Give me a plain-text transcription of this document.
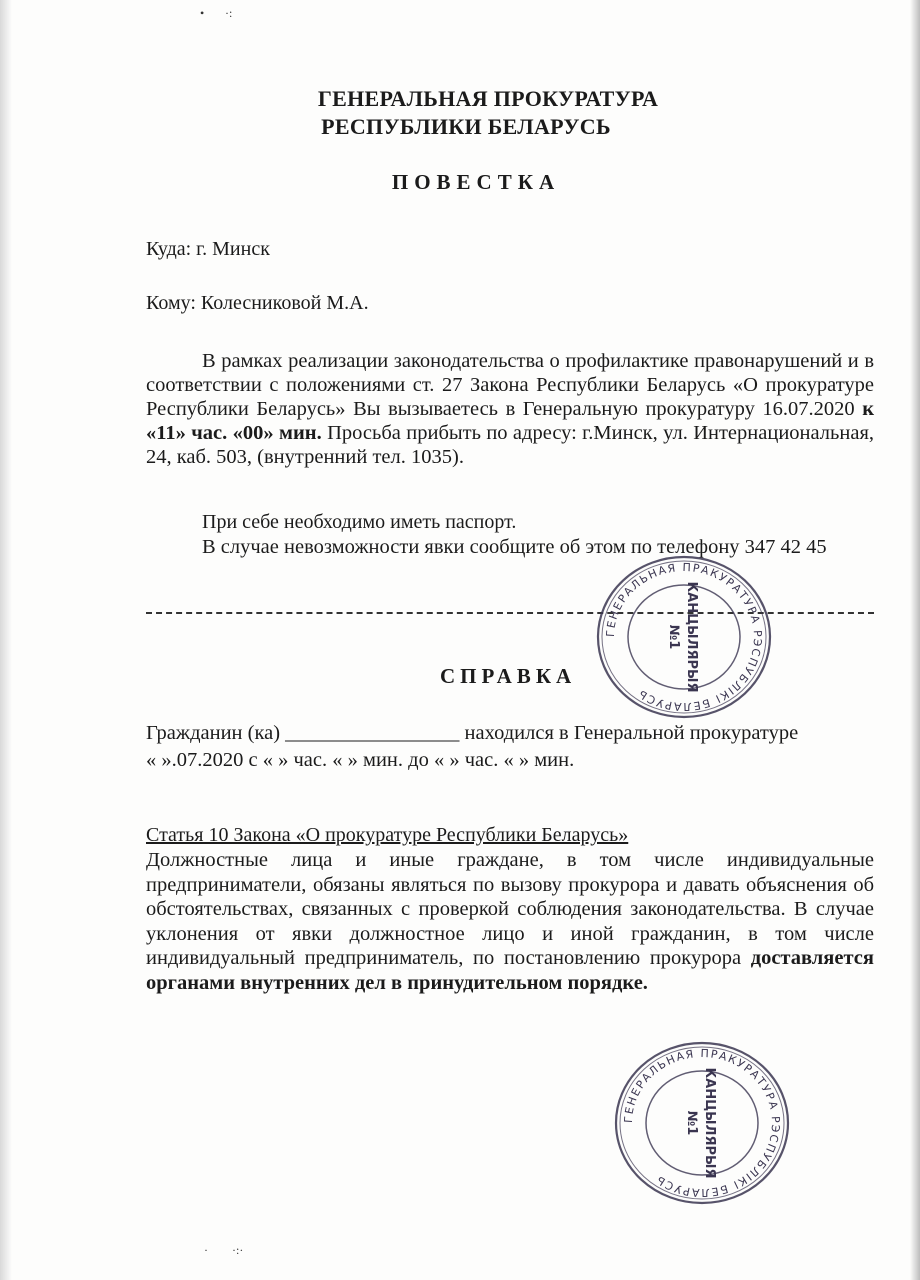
• ·:
· ·:·
ГЕНЕРАЛЬНАЯ ПРОКУРАТУРА
РЕСПУБЛИКИ БЕЛАРУСЬ
ПОВЕСТКА
Куда: г. Минск
Кому: Колесниковой М.А.
В рамках реализации законодательства о профилактике правонарушений и в соответствии с положениями ст. 27 Закона Республики Беларусь «О прокуратуре Республики Беларусь» Вы вызываетесь в Генеральную прокуратуру 16.07.2020 к «11» час. «00» мин. Просьба прибыть по адресу: г.Минск, ул. Интернациональная, 24, каб. 503, (внутренний тел. 1035).
При себе необходимо иметь паспорт.
В случае невозможности явки сообщите об этом по телефону 347 42 45
СПРАВКА
Гражданин (ка) _________________ находился в Генеральной прокуратуре
« ».07.2020 с « » час. « » мин. до « » час. « » мин.
Статья 10 Закона «О прокуратуре Республики Беларусь»
Должностные лица и иные граждане, в том числе индивидуальные предприниматели, обязаны являться по вызову прокурора и давать объяснения об обстоятельствах, связанных с проверкой соблюдения законодательства. В случае уклонения от явки должностное лицо и иной гражданин, в том числе индивидуальный предприниматель, по постановлению прокурора доставляется органами внутренних дел в принудительном порядке.
ГЕНЕРАЛЬНАЯ ПРАКУРАТУРА РЭСПУБЛІКІ БЕЛАРУСЬ
КАНЦЫЛЯРЫЯ
№1
ГЕНЕРАЛЬНАЯ ПРАКУРАТУРА РЭСПУБЛІКІ БЕЛАРУСЬ
КАНЦЫЛЯРЫЯ
№1
